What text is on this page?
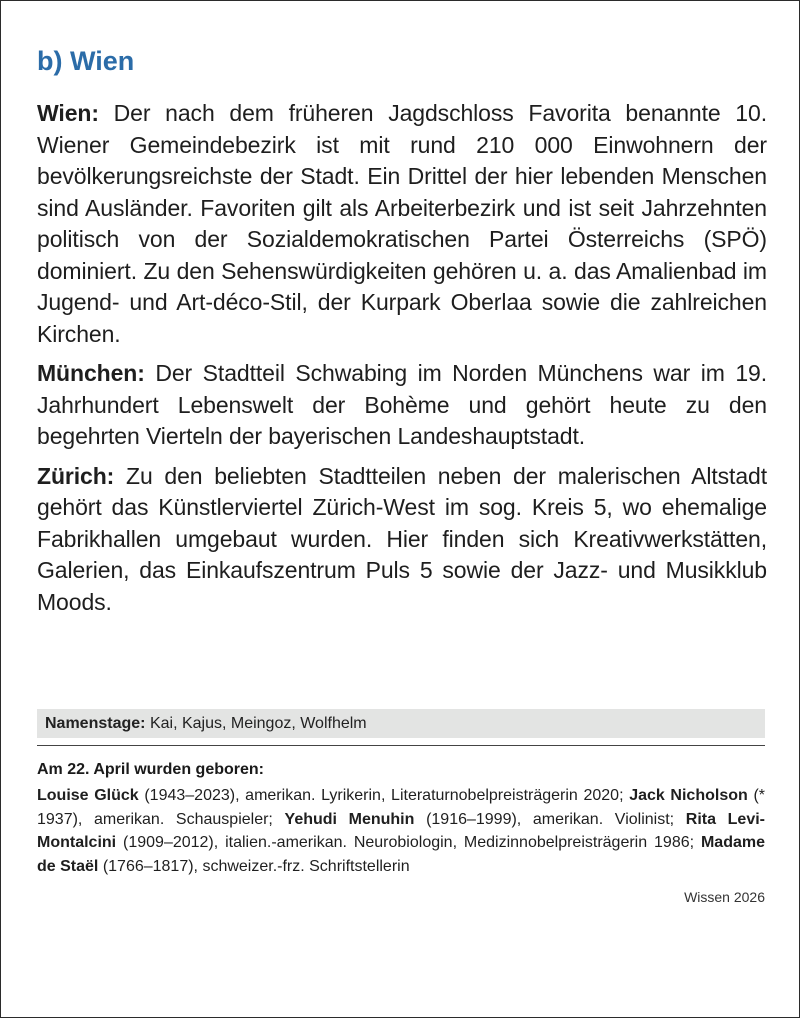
b) Wien

Wien: Der nach dem früheren Jagdschloss Favorita benannte 10. Wiener Gemeindebezirk ist mit rund 210 000 Einwohnern der bevölkerungsreichste der Stadt. Ein Drittel der hier lebenden Menschen sind Ausländer. Favoriten gilt als Arbeiterbezirk und ist seit Jahrzehnten politisch von der Sozialdemokratischen Partei Österreichs (SPÖ) dominiert. Zu den Sehenswürdigkeiten gehören u. a. das Amalienbad im Jugend- und Art-déco-Stil, der Kurpark Oberlaa sowie die zahlreichen Kirchen.

München: Der Stadtteil Schwabing im Norden Münchens war im 19. Jahrhundert Lebenswelt der Bohème und gehört heute zu den begehrten Vierteln der bayerischen Landeshauptstadt.

Zürich: Zu den beliebten Stadtteilen neben der malerischen Altstadt gehört das Künstlerviertel Zürich-West im sog. Kreis 5, wo ehemalige Fabrikhallen umgebaut wurden. Hier finden sich Kreativwerkstätten, Galerien, das Einkaufszentrum Puls 5 sowie der Jazz- und Musikklub Moods.

Namenstage: Kai, Kajus, Meingoz, Wolfhelm

Am 22. April wurden geboren:

Louise Glück (1943–2023), amerikan. Lyrikerin, Literaturnobelpreisträgerin 2020; Jack Nicholson (* 1937), amerikan. Schauspieler; Yehudi Menuhin (1916–1999), amerikan. Violinist; Rita Levi-Montalcini (1909–2012), italien.-amerikan. Neurobiologin, Medizinnobelpreisträgerin 1986; Madame de Staël (1766–1817), schweizer.-frz. Schriftstellerin

Wissen 2026
